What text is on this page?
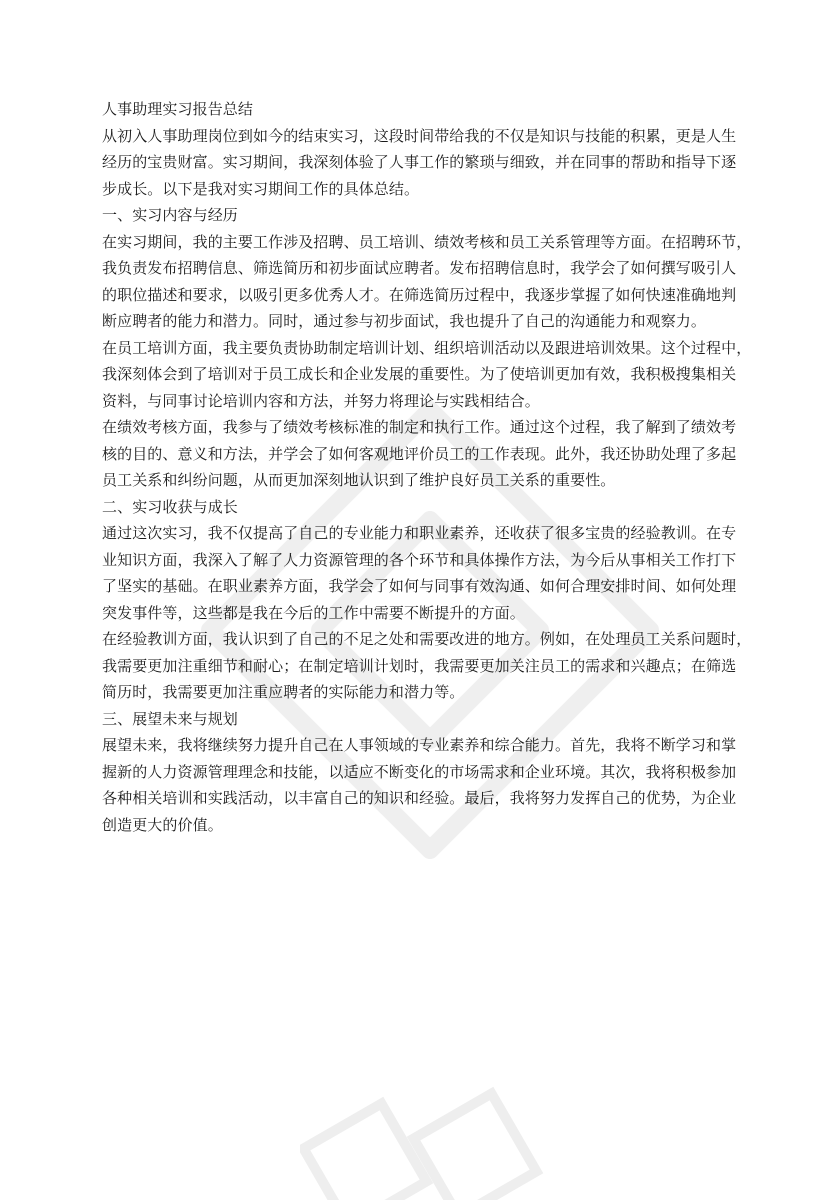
人事助理实习报告总结
从初入人事助理岗位到如今的结束实习，这段时间带给我的不仅是知识与技能的积累，更是人生
经历的宝贵财富。实习期间，我深刻体验了人事工作的繁琐与细致，并在同事的帮助和指导下逐
步成长。以下是我对实习期间工作的具体总结。
一、实习内容与经历
在实习期间，我的主要工作涉及招聘、员工培训、绩效考核和员工关系管理等方面。在招聘环节，
我负责发布招聘信息、筛选简历和初步面试应聘者。发布招聘信息时，我学会了如何撰写吸引人
的职位描述和要求，以吸引更多优秀人才。在筛选简历过程中，我逐步掌握了如何快速准确地判
断应聘者的能力和潜力。同时，通过参与初步面试，我也提升了自己的沟通能力和观察力。
在员工培训方面，我主要负责协助制定培训计划、组织培训活动以及跟进培训效果。这个过程中，
我深刻体会到了培训对于员工成长和企业发展的重要性。为了使培训更加有效，我积极搜集相关
资料，与同事讨论培训内容和方法，并努力将理论与实践相结合。
在绩效考核方面，我参与了绩效考核标准的制定和执行工作。通过这个过程，我了解到了绩效考
核的目的、意义和方法，并学会了如何客观地评价员工的工作表现。此外，我还协助处理了多起
员工关系和纠纷问题，从而更加深刻地认识到了维护良好员工关系的重要性。
二、实习收获与成长
通过这次实习，我不仅提高了自己的专业能力和职业素养，还收获了很多宝贵的经验教训。在专
业知识方面，我深入了解了人力资源管理的各个环节和具体操作方法，为今后从事相关工作打下
了坚实的基础。在职业素养方面，我学会了如何与同事有效沟通、如何合理安排时间、如何处理
突发事件等，这些都是我在今后的工作中需要不断提升的方面。
在经验教训方面，我认识到了自己的不足之处和需要改进的地方。例如，在处理员工关系问题时，
我需要更加注重细节和耐心；在制定培训计划时，我需要更加关注员工的需求和兴趣点；在筛选
简历时，我需要更加注重应聘者的实际能力和潜力等。
三、展望未来与规划
展望未来，我将继续努力提升自己在人事领域的专业素养和综合能力。首先，我将不断学习和掌
握新的人力资源管理理念和技能，以适应不断变化的市场需求和企业环境。其次，我将积极参加
各种相关培训和实践活动，以丰富自己的知识和经验。最后，我将努力发挥自己的优势，为企业
创造更大的价值。
